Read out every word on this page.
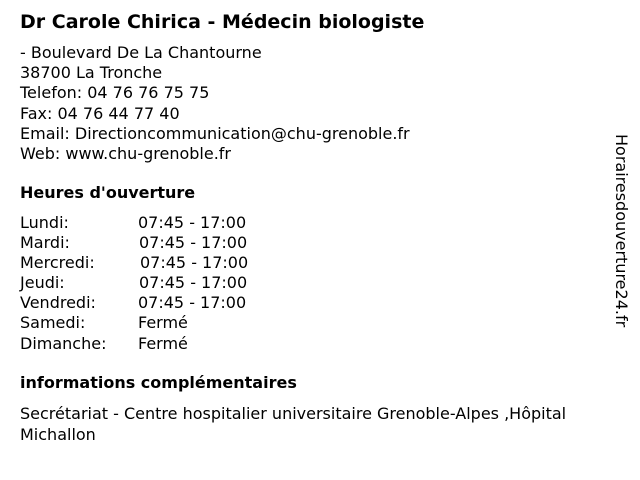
Dr Carole Chirica - Médecin biologiste
- Boulevard De La Chantourne
38700 La Tronche
Telefon: 04 76 76 75 75
Fax: 04 76 44 77 40
Email: Directioncommunication@chu-grenoble.fr
Web: www.chu-grenoble.fr
Heures d'ouverture
Lundi:	07:45 - 17:00
Mardi:	07:45 - 17:00
Mercredi:	07:45 - 17:00
Jeudi:	07:45 - 17:00
Vendredi:	07:45 - 17:00
Samedi:	Fermé
Dimanche: Fermé
informations complémentaires
Secrétariat - Centre hospitalier universitaire Grenoble-Alpes ,Hôpital Michallon
Horairesdouverture24.fr
